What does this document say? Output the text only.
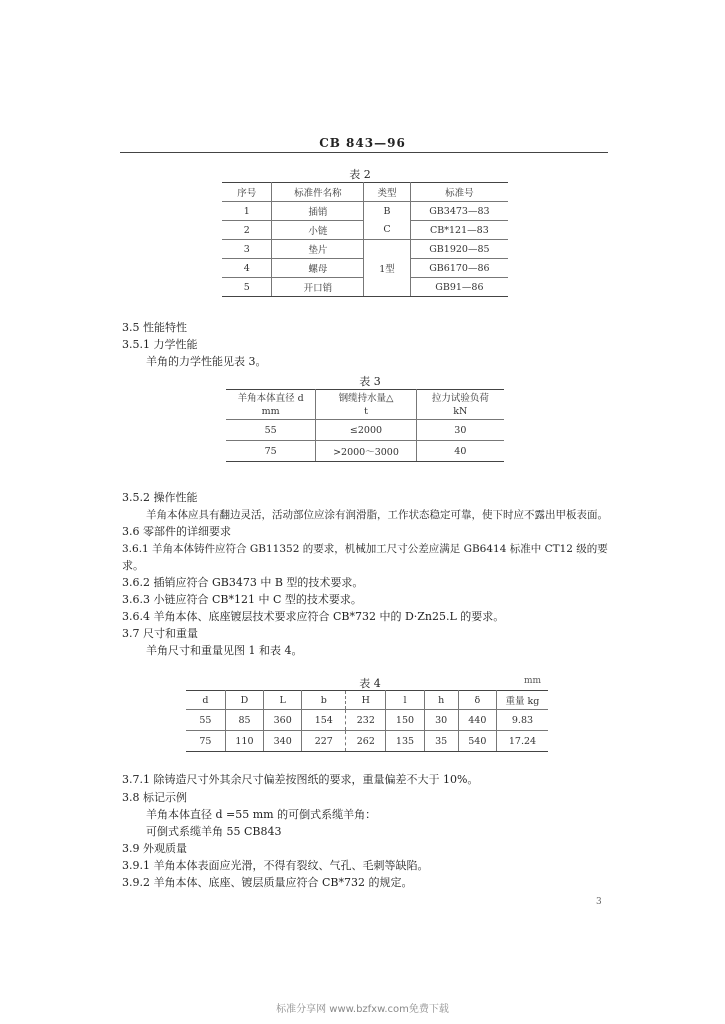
CB 843—96
表 2
序号	标准件名称	类型	标准号
1	插销	B	GB3473—83
2	小链	C	CB*121—83
3	垫片		GB1920—85
4	螺母	1型	GB6170—86
5	开口销		GB91—86
3.5 性能特性
3.5.1 力学性能
羊角的力学性能见表 3。
表 3
羊角本体直径 d	钢缆持水量△	拉力试验负荷
mm	t	kN
55	≤2000	30
75	>2000～3000	40
3.5.2 操作性能
羊角本体应具有翻边灵活，活动部位应涂有润滑脂，工作状态稳定可靠，使下时应不露出甲板表面。
3.6 零部件的详细要求
3.6.1 羊角本体铸件应符合 GB11352 的要求，机械加工尺寸公差应满足 GB6414 标准中 CT12 级的要
求。
3.6.2 插销应符合 GB3473 中 B 型的技术要求。
3.6.3 小链应符合 CB*121 中 C 型的技术要求。
3.6.4 羊角本体、底座镀层技术要求应符合 CB*732 中的 D·Zn25.L 的要求。
3.7 尺寸和重量
羊角尺寸和重量见图 1 和表 4。
表 4	mm
d	D	L	b	H	l	h	δ	重量 kg
55	85	360	154	232	150	30	440	9.83
75	110	340	227	262	135	35	540	17.24
3.7.1 除铸造尺寸外其余尺寸偏差按图纸的要求，重量偏差不大于 10%。
3.8 标记示例
羊角本体直径 d =55 mm 的可倒式系缆羊角：
可倒式系缆羊角 55 CB843
3.9 外观质量
3.9.1 羊角本体表面应光滑，不得有裂纹、气孔、毛刺等缺陷。
3.9.2 羊角本体、底座、镀层质量应符合 CB*732 的规定。
3
标准分享网 www.bzfxw.com免费下载
